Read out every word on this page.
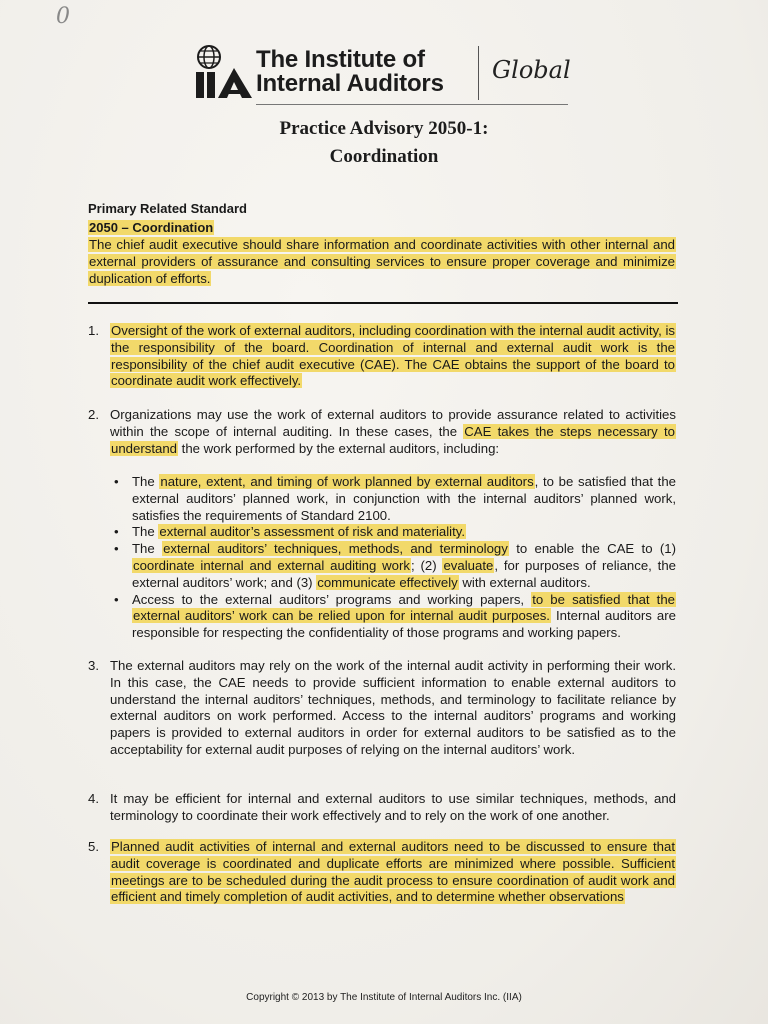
0
The Institute of
Internal Auditors Global
Practice Advisory 2050-1:
Coordination
Primary Related Standard
2050 – Coordination
The chief audit executive should share information and coordinate activities with other internal and external providers of assurance and consulting services to ensure proper coverage and minimize duplication of efforts.
1. Oversight of the work of external auditors, including coordination with the internal audit activity, is the responsibility of the board. Coordination of internal and external audit work is the responsibility of the chief audit executive (CAE). The CAE obtains the support of the board to coordinate audit work effectively.
2. Organizations may use the work of external auditors to provide assurance related to activities within the scope of internal auditing. In these cases, the CAE takes the steps necessary to understand the work performed by the external auditors, including:
• The nature, extent, and timing of work planned by external auditors, to be satisfied that the external auditors’ planned work, in conjunction with the internal auditors’ planned work, satisfies the requirements of Standard 2100.
• The external auditor’s assessment of risk and materiality.
• The external auditors’ techniques, methods, and terminology to enable the CAE to (1) coordinate internal and external auditing work; (2) evaluate, for purposes of reliance, the external auditors’ work; and (3) communicate effectively with external auditors.
• Access to the external auditors’ programs and working papers, to be satisfied that the external auditors’ work can be relied upon for internal audit purposes. Internal auditors are responsible for respecting the confidentiality of those programs and working papers.
3. The external auditors may rely on the work of the internal audit activity in performing their work. In this case, the CAE needs to provide sufficient information to enable external auditors to understand the internal auditors’ techniques, methods, and terminology to facilitate reliance by external auditors on work performed. Access to the internal auditors’ programs and working papers is provided to external auditors in order for external auditors to be satisfied as to the acceptability for external audit purposes of relying on the internal auditors’ work.
4. It may be efficient for internal and external auditors to use similar techniques, methods, and terminology to coordinate their work effectively and to rely on the work of one another.
5. Planned audit activities of internal and external auditors need to be discussed to ensure that audit coverage is coordinated and duplicate efforts are minimized where possible. Sufficient meetings are to be scheduled during the audit process to ensure coordination of audit work and efficient and timely completion of audit activities, and to determine whether observations
Copyright © 2013 by The Institute of Internal Auditors Inc. (IIA)
